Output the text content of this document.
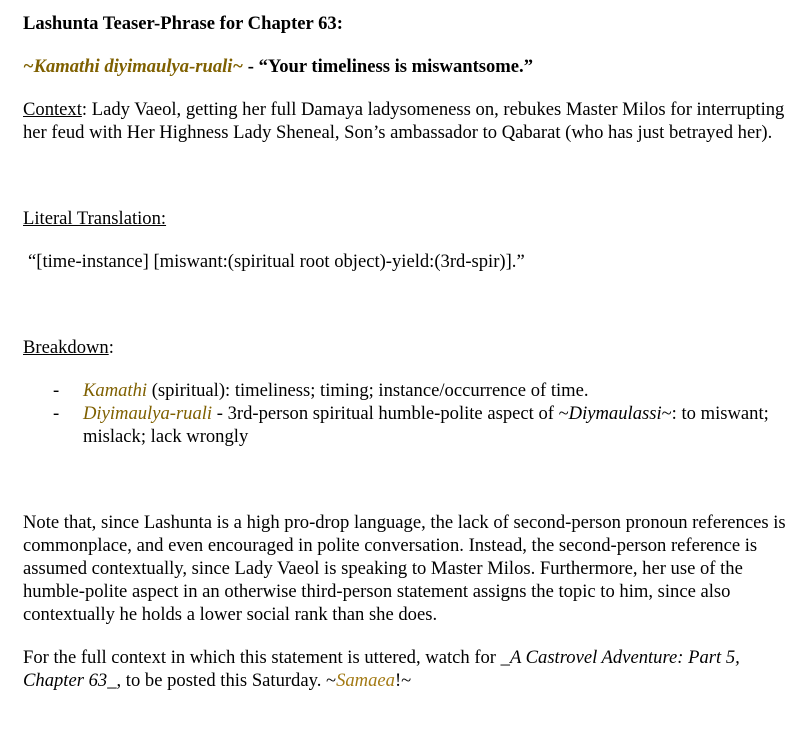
Lashunta Teaser-Phrase for Chapter 63:

~Kamathi diyimaulya-ruali~ - “Your timeliness is miswantsome.”

Context: Lady Vaeol, getting her full Damaya ladysomeness on, rebukes Master Milos for interrupting her feud with Her Highness Lady Sheneal, Son’s ambassador to Qabarat (who has just betrayed her).

Literal Translation:

“[time-instance] [miswant:(spiritual root object)-yield:(3rd-spir)].”

Breakdown:

- Kamathi (spiritual): timeliness; timing; instance/occurrence of time.
- Diyimaulya-ruali - 3rd-person spiritual humble-polite aspect of ~Diymaulassi~: to miswant; mislack; lack wrongly

Note that, since Lashunta is a high pro-drop language, the lack of second-person pronoun references is commonplace, and even encouraged in polite conversation. Instead, the second-person reference is assumed contextually, since Lady Vaeol is speaking to Master Milos. Furthermore, her use of the humble-polite aspect in an otherwise third-person statement assigns the topic to him, since also contextually he holds a lower social rank than she does.

For the full context in which this statement is uttered, watch for _A Castrovel Adventure: Part 5, Chapter 63_, to be posted this Saturday. ~Samaea!~
